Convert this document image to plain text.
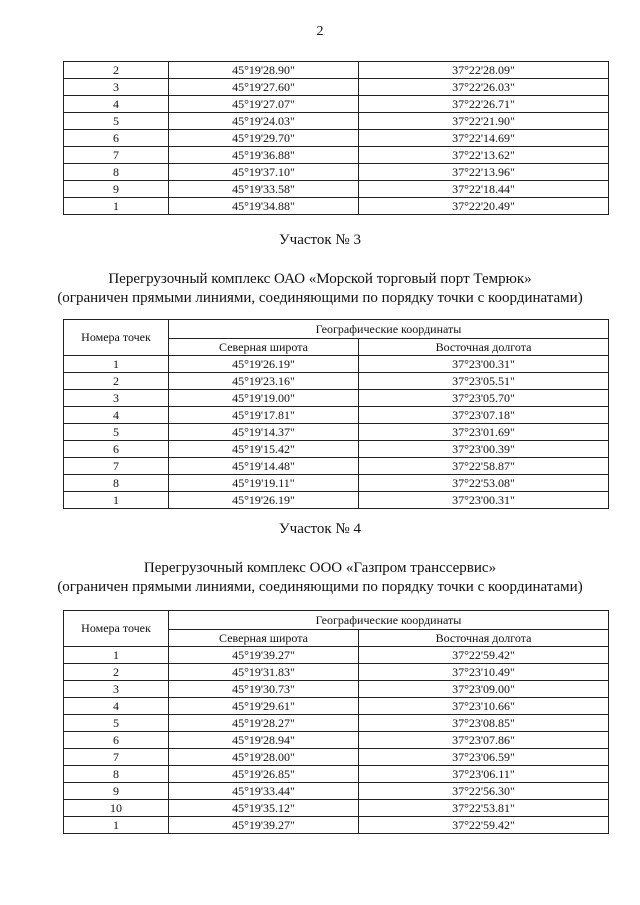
2
2	45°19'28.90"	37°22'28.09"
3	45°19'27.60"	37°22'26.03"
4	45°19'27.07"	37°22'26.71"
5	45°19'24.03"	37°22'21.90"
6	45°19'29.70"	37°22'14.69"
7	45°19'36.88"	37°22'13.62"
8	45°19'37.10"	37°22'13.96"
9	45°19'33.58"	37°22'18.44"
1	45°19'34.88"	37°22'20.49"
Участок № 3
Перегрузочный комплекс ОАО «Морской торговый порт Темрюк»
(ограничен прямыми линиями, соединяющими по порядку точки с координатами)
Номера точек	Географические координаты	
	Северная широта	Восточная долгота
1	45°19'26.19"	37°23'00.31"
2	45°19'23.16"	37°23'05.51"
3	45°19'19.00"	37°23'05.70"
4	45°19'17.81"	37°23'07.18"
5	45°19'14.37"	37°23'01.69"
6	45°19'15.42"	37°23'00.39"
7	45°19'14.48"	37°22'58.87"
8	45°19'19.11"	37°22'53.08"
1	45°19'26.19"	37°23'00.31"
Участок № 4
Перегрузочный комплекс ООО «Газпром транссервис»
(ограничен прямыми линиями, соединяющими по порядку точки с координатами)
Номера точек	Географические координаты	
	Северная широта	Восточная долгота
1	45°19'39.27"	37°22'59.42"
2	45°19'31.83"	37°23'10.49"
3	45°19'30.73"	37°23'09.00"
4	45°19'29.61"	37°23'10.66"
5	45°19'28.27"	37°23'08.85"
6	45°19'28.94"	37°23'07.86"
7	45°19'28.00"	37°23'06.59"
8	45°19'26.85"	37°23'06.11"
9	45°19'33.44"	37°22'56.30"
10	45°19'35.12"	37°22'53.81"
1	45°19'39.27"	37°22'59.42"
